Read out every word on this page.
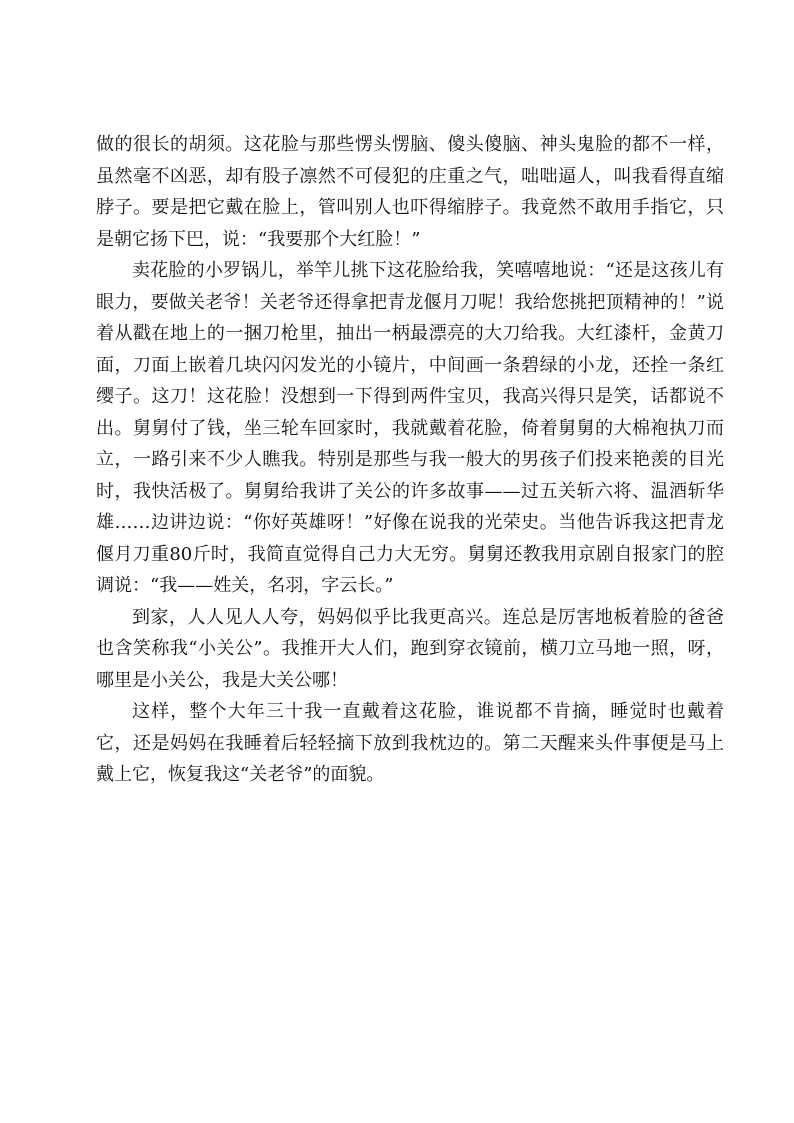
做的很长的胡须。这花脸与那些愣头愣脑、傻头傻脑、神头鬼脸的都不一样，虽然毫不凶恶，却有股子凛然不可侵犯的庄重之气，咄咄逼人，叫我看得直缩脖子。要是把它戴在脸上，管叫别人也吓得缩脖子。我竟然不敢用手指它，只是朝它扬下巴，说：“我要那个大红脸！”

卖花脸的小罗锅儿，举竿儿挑下这花脸给我，笑嘻嘻地说：“还是这孩儿有眼力，要做关老爷！关老爷还得拿把青龙偃月刀呢！我给您挑把顶精神的！”说着从戳在地上的一捆刀枪里，抽出一柄最漂亮的大刀给我。大红漆杆，金黄刀面，刀面上嵌着几块闪闪发光的小镜片，中间画一条碧绿的小龙，还拴一条红缨子。这刀！这花脸！没想到一下得到两件宝贝，我高兴得只是笑，话都说不出。舅舅付了钱，坐三轮车回家时，我就戴着花脸，倚着舅舅的大棉袍执刀而立，一路引来不少人瞧我。特别是那些与我一般大的男孩子们投来艳羡的目光时，我快活极了。舅舅给我讲了关公的许多故事——过五关斩六将、温酒斩华雄……边讲边说：“你好英雄呀！”好像在说我的光荣史。当他告诉我这把青龙偃月刀重80斤时，我简直觉得自己力大无穷。舅舅还教我用京剧自报家门的腔调说：“我——姓关，名羽，字云长。”

到家，人人见人人夸，妈妈似乎比我更高兴。连总是厉害地板着脸的爸爸也含笑称我“小关公”。我推开大人们，跑到穿衣镜前，横刀立马地一照，呀，哪里是小关公，我是大关公哪！

这样，整个大年三十我一直戴着这花脸，谁说都不肯摘，睡觉时也戴着它，还是妈妈在我睡着后轻轻摘下放到我枕边的。第二天醒来头件事便是马上戴上它，恢复我这“关老爷”的面貌。
